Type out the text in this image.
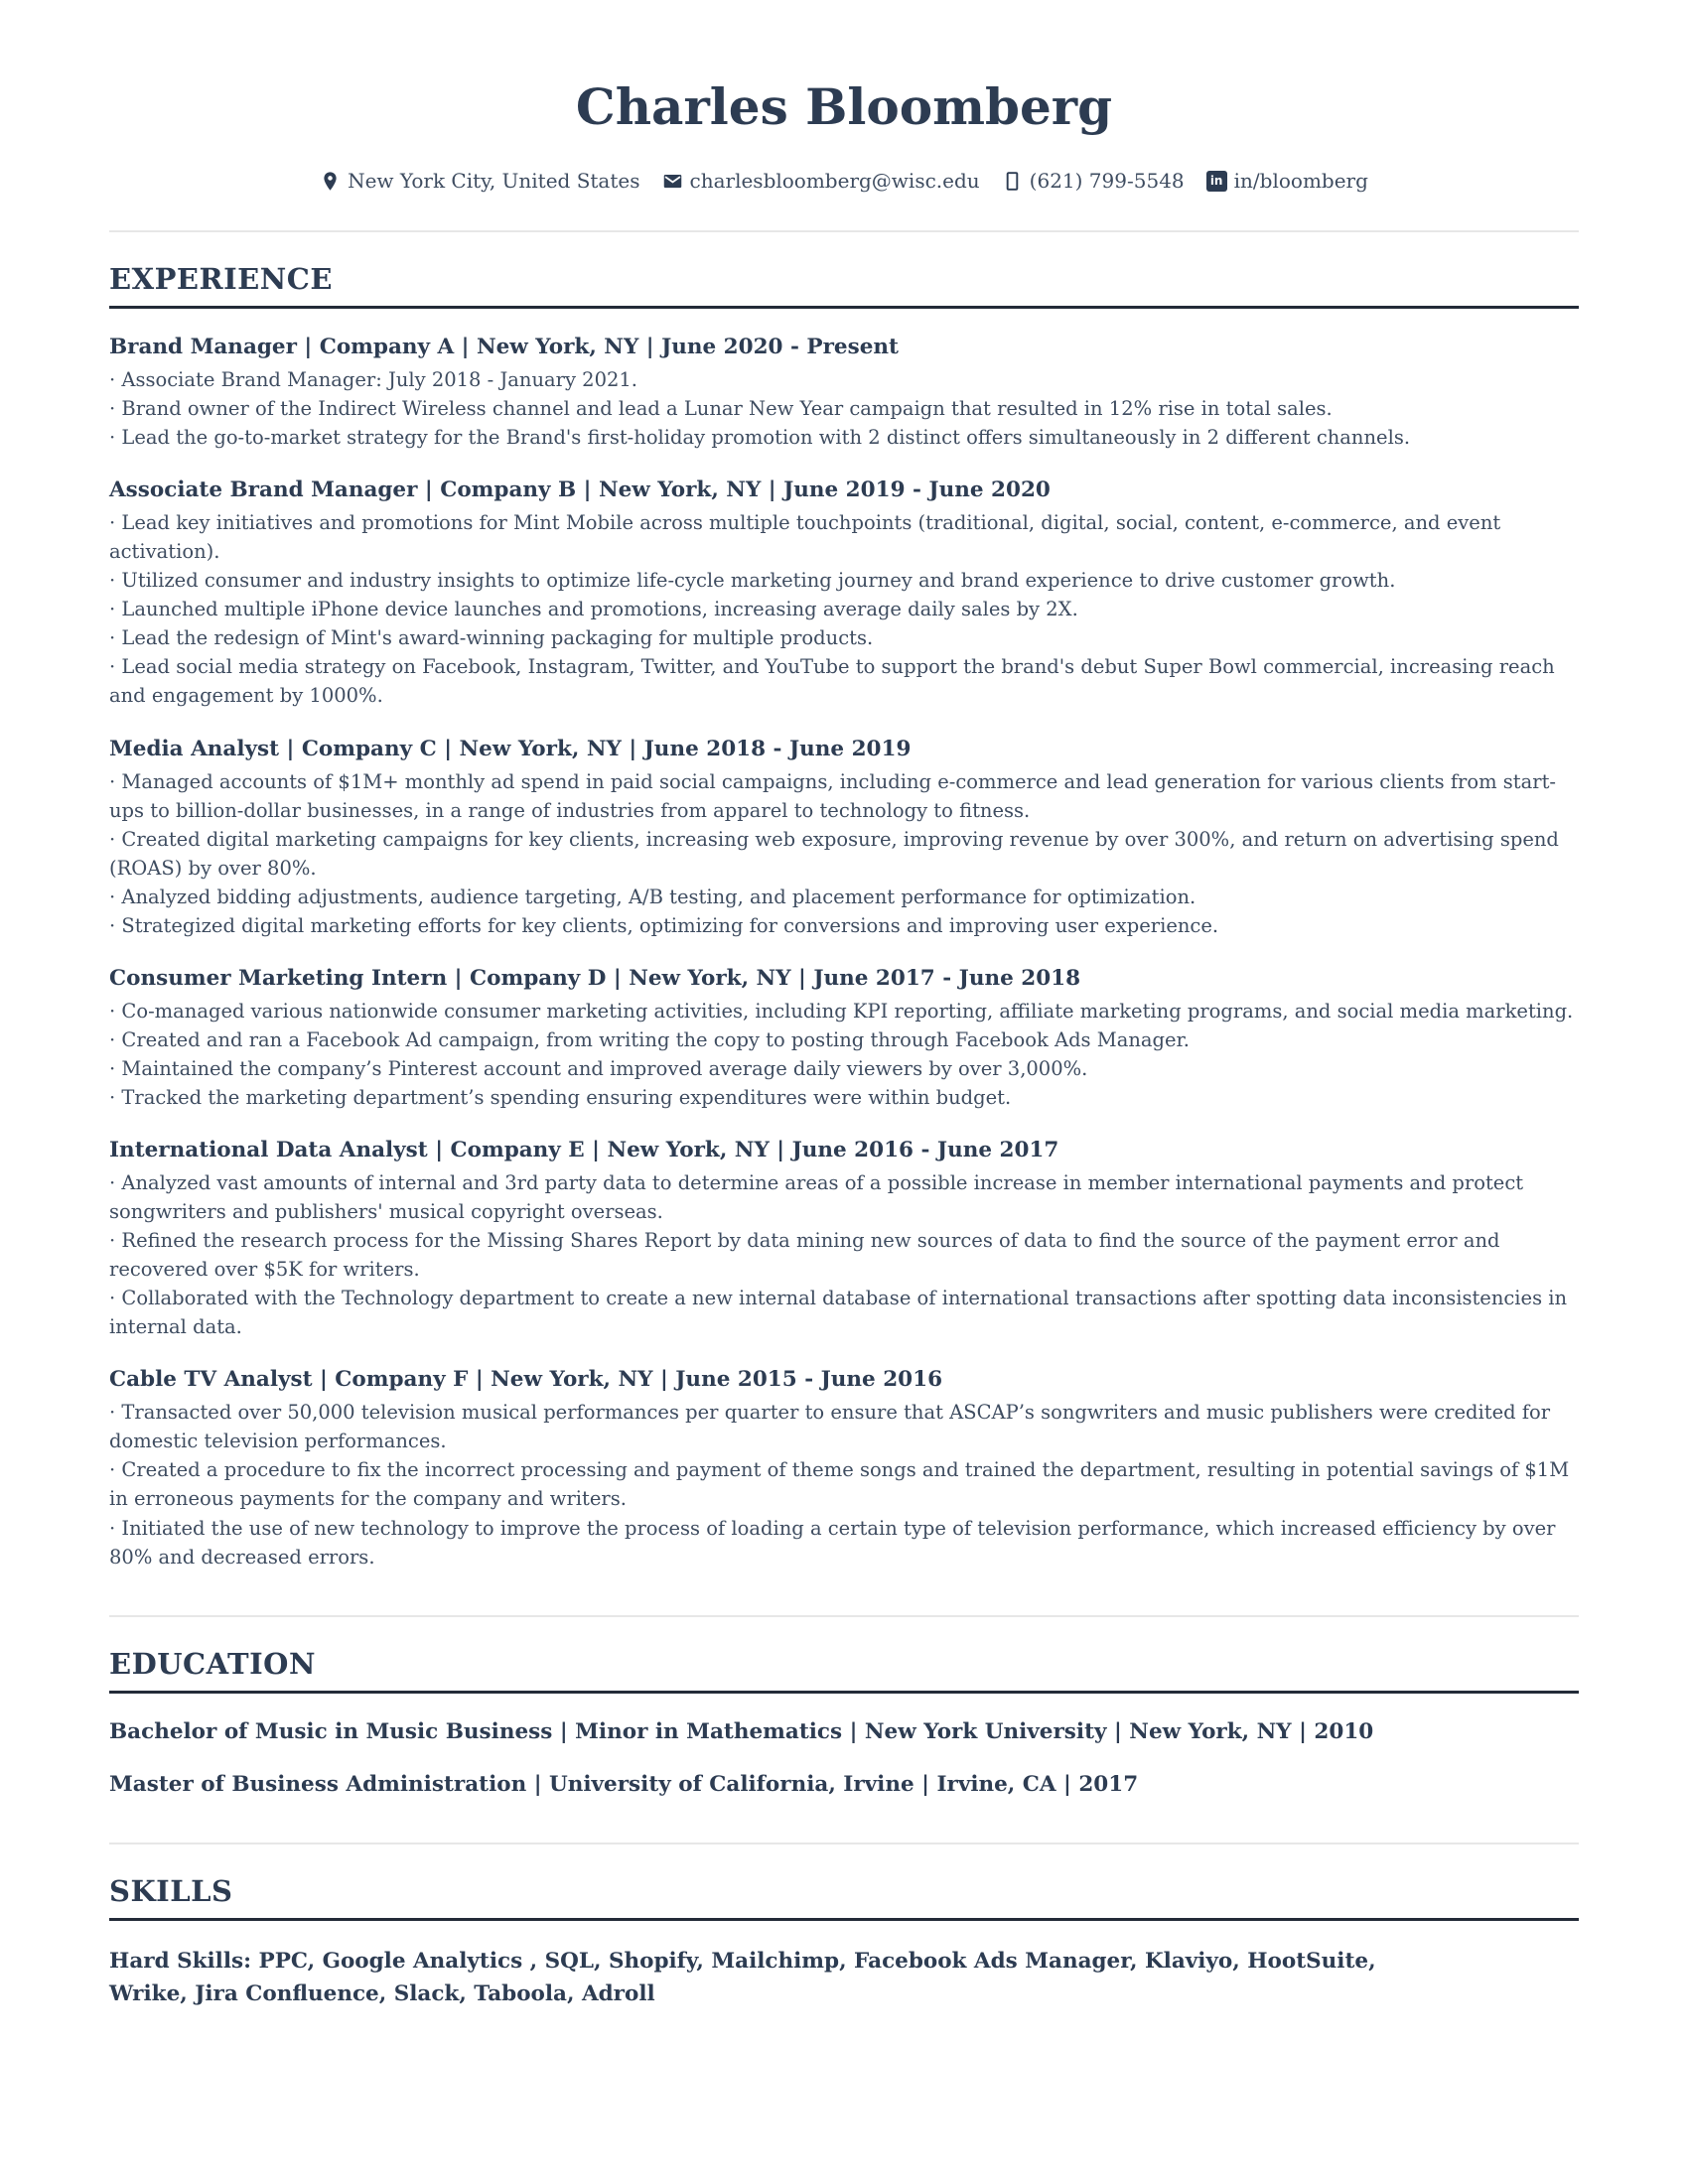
Charles Bloomberg
New York City, United States	charlesbloomberg@wisc.edu	(621) 799-5548	in in/bloomberg
EXPERIENCE
Brand Manager | Company A | New York, NY | June 2020 - Present
· Associate Brand Manager: July 2018 - January 2021.
· Brand owner of the Indirect Wireless channel and lead a Lunar New Year campaign that resulted in 12% rise in total sales.
· Lead the go-to-market strategy for the Brand's first-holiday promotion with 2 distinct offers simultaneously in 2 different channels.
Associate Brand Manager | Company B | New York, NY | June 2019 - June 2020
· Lead key initiatives and promotions for Mint Mobile across multiple touchpoints (traditional, digital, social, content, e-commerce, and event activation).
· Utilized consumer and industry insights to optimize life-cycle marketing journey and brand experience to drive customer growth.
· Launched multiple iPhone device launches and promotions, increasing average daily sales by 2X.
· Lead the redesign of Mint's award-winning packaging for multiple products.
· Lead social media strategy on Facebook, Instagram, Twitter, and YouTube to support the brand's debut Super Bowl commercial, increasing reach and engagement by 1000%.
Media Analyst | Company C | New York, NY | June 2018 - June 2019
· Managed accounts of $1M+ monthly ad spend in paid social campaigns, including e-commerce and lead generation for various clients from start-ups to billion-dollar businesses, in a range of industries from apparel to technology to fitness.
· Created digital marketing campaigns for key clients, increasing web exposure, improving revenue by over 300%, and return on advertising spend (ROAS) by over 80%.
· Analyzed bidding adjustments, audience targeting, A/B testing, and placement performance for optimization.
· Strategized digital marketing efforts for key clients, optimizing for conversions and improving user experience.
Consumer Marketing Intern | Company D | New York, NY | June 2017 - June 2018
· Co-managed various nationwide consumer marketing activities, including KPI reporting, affiliate marketing programs, and social media marketing.
· Created and ran a Facebook Ad campaign, from writing the copy to posting through Facebook Ads Manager.
· Maintained the company’s Pinterest account and improved average daily viewers by over 3,000%.
· Tracked the marketing department’s spending ensuring expenditures were within budget.
International Data Analyst | Company E | New York, NY | June 2016 - June 2017
· Analyzed vast amounts of internal and 3rd party data to determine areas of a possible increase in member international payments and protect songwriters and publishers' musical copyright overseas.
· Refined the research process for the Missing Shares Report by data mining new sources of data to find the source of the payment error and recovered over $5K for writers.
· Collaborated with the Technology department to create a new internal database of international transactions after spotting data inconsistencies in internal data.
Cable TV Analyst | Company F | New York, NY | June 2015 - June 2016
· Transacted over 50,000 television musical performances per quarter to ensure that ASCAP’s songwriters and music publishers were credited for domestic television performances.
· Created a procedure to fix the incorrect processing and payment of theme songs and trained the department, resulting in potential savings of $1M in erroneous payments for the company and writers.
· Initiated the use of new technology to improve the process of loading a certain type of television performance, which increased efficiency by over 80% and decreased errors.
EDUCATION
Bachelor of Music in Music Business | Minor in Mathematics | New York University | New York, NY | 2010
Master of Business Administration | University of California, Irvine | Irvine, CA | 2017
SKILLS

Hard Skills: PPC, Google Analytics , SQL, Shopify, Mailchimp, Facebook Ads Manager, Klaviyo, HootSuite, Wrike, Jira Confluence, Slack, Taboola, Adroll
